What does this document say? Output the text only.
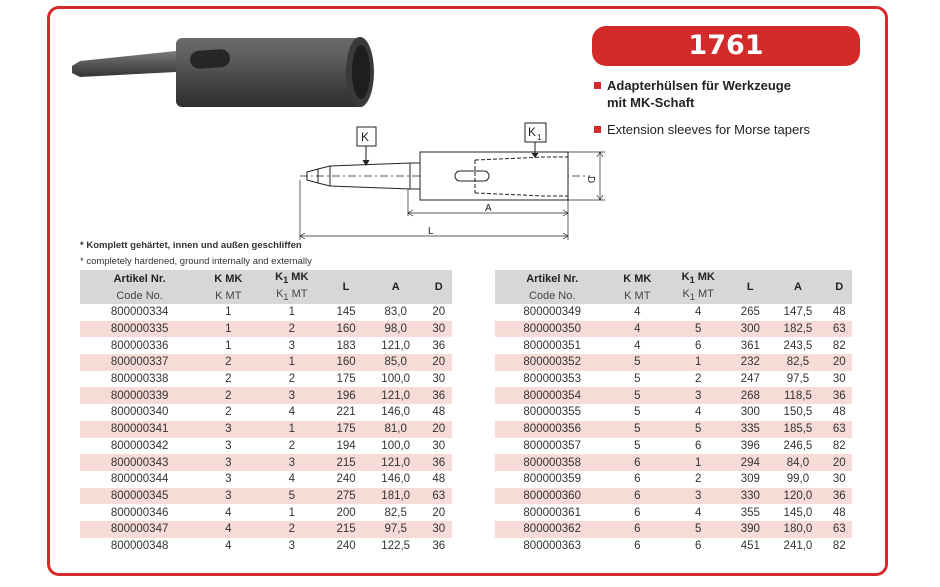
K	K 1
D
A
L
1761
Adapterhülsen für Werkzeuge
mit MK-Schaft
Extension sleeves for Morse tapers
* Komplett gehärtet, innen und außen geschliffen
* completely hardened, ground internally and externally
Artikel Nr.	K MK	$K_1$ MK	L	A	D
Code No.	K MT	$K_1$ MT			
800000334	1	1	145	83,0	20
800000335	1	2	160	98,0	30
800000336	1	3	183	121,0	36
800000337	2	1	160	85,0	20
800000338	2	2	175	100,0	30
800000339	2	3	196	121,0	36
800000340	2	4	221	146,0	48
800000341	3	1	175	81,0	20
800000342	3	2	194	100,0	30
800000343	3	3	215	121,0	36
800000344	3	4	240	146,0	48
800000345	3	5	275	181,0	63
800000346	4	1	200	82,5	20
800000347	4	2	215	97,5	30
800000348	4	3	240	122,5	36
Artikel Nr.	K MK	$K_1$ MK	L	A	D
Code No.	K MT	$K_1$ MT			
800000349	4	4	265	147,5	48
800000350	4	5	300	182,5	63
800000351	4	6	361	243,5	82
800000352	5	1	232	82,5	20
800000353	5	2	247	97,5	30
800000354	5	3	268	118,5	36
800000355	5	4	300	150,5	48
800000356	5	5	335	185,5	63
800000357	5	6	396	246,5	82
800000358	6	1	294	84,0	20
800000359	6	2	309	99,0	30
800000360	6	3	330	120,0	36
800000361	6	4	355	145,0	48
800000362	6	5	390	180,0	63
800000363	6	6	451	241,0	82
